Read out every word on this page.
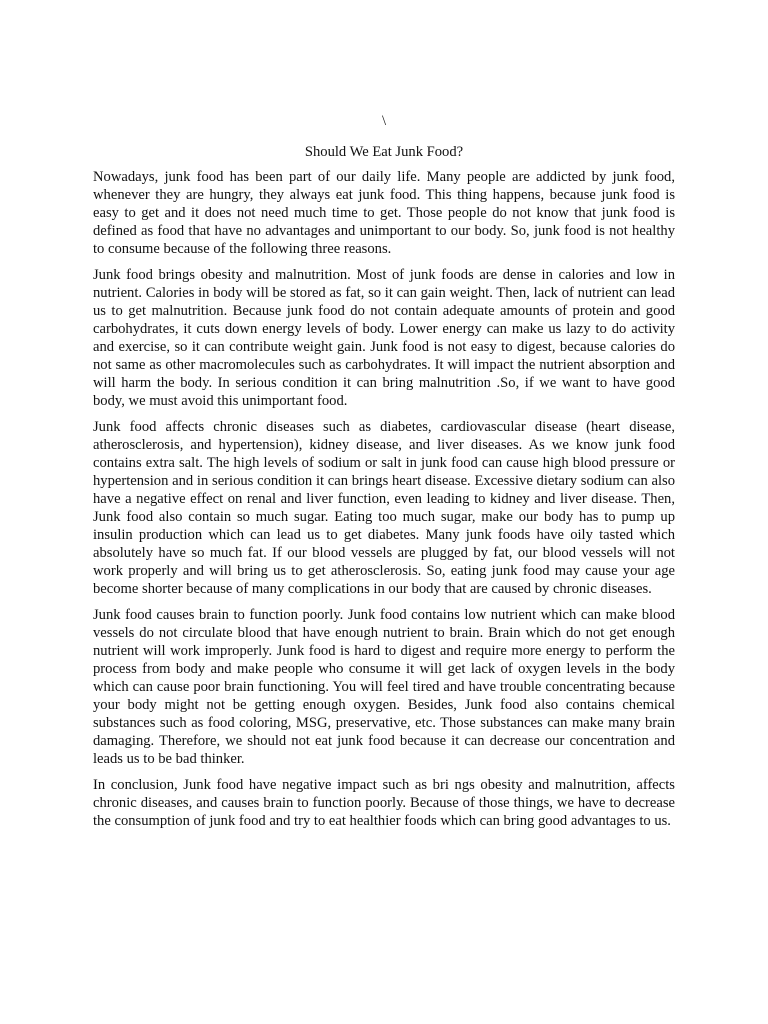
\
Should We Eat Junk Food?

Nowadays, junk food has been part of our daily life. Many people are addicted by junk food, whenever they are hungry, they always eat junk food. This thing happens, because junk food is easy to get and it does not need much time to get. Those people do not know that junk food is defined as food that have no advantages and unimportant to our body. So, junk food is not healthy to consume because of the following three reasons.

Junk food brings obesity and malnutrition. Most of junk foods are dense in calories and low in nutrient. Calories in body will be stored as fat, so it can gain weight. Then, lack of nutrient can lead us to get malnutrition. Because junk food do not contain adequate amounts of protein and good carbohydrates, it cuts down energy levels of body. Lower energy can make us lazy to do activity and exercise, so it can contribute weight gain. Junk food is not easy to digest, because calories do not same as other macromolecules such as carbohydrates. It will impact the nutrient absorption and will harm the body. In serious condition it can bring malnutrition .So, if we want to have good body, we must avoid this unimportant food.

Junk food affects chronic diseases such as diabetes, cardiovascular disease (heart disease, atherosclerosis, and hypertension), kidney disease, and liver diseases. As we know junk food contains extra salt. The high levels of sodium or salt in junk food can cause high blood pressure or hypertension and in serious condition it can brings heart disease. Excessive dietary sodium can also have a negative effect on renal and liver function, even leading to kidney and liver disease. Then, Junk food also contain so much sugar. Eating too much sugar, make our body has to pump up insulin production which can lead us to get diabetes. Many junk foods have oily tasted which absolutely have so much fat. If our blood vessels are plugged by fat, our blood vessels will not work properly and will bring us to get atherosclerosis. So, eating junk food may cause your age become shorter because of many complications in our body that are caused by chronic diseases.

Junk food causes brain to function poorly. Junk food contains low nutrient which can make blood vessels do not circulate blood that have enough nutrient to brain. Brain which do not get enough nutrient will work improperly. Junk food is hard to digest and require more energy to perform the process from body and make people who consume it will get lack of oxygen levels in the body which can cause poor brain functioning. You will feel tired and have trouble concentrating because your body might not be getting enough oxygen. Besides, Junk food also contains chemical substances such as food coloring, MSG, preservative, etc. Those substances can make many brain damaging. Therefore, we should not eat junk food because it can decrease our concentration and leads us to be bad thinker.

In conclusion, Junk food have negative impact such as bri ngs obesity and malnutrition, affects chronic diseases, and causes brain to function poorly. Because of those things, we have to decrease the consumption of junk food and try to eat healthier foods which can bring good advantages to us.
